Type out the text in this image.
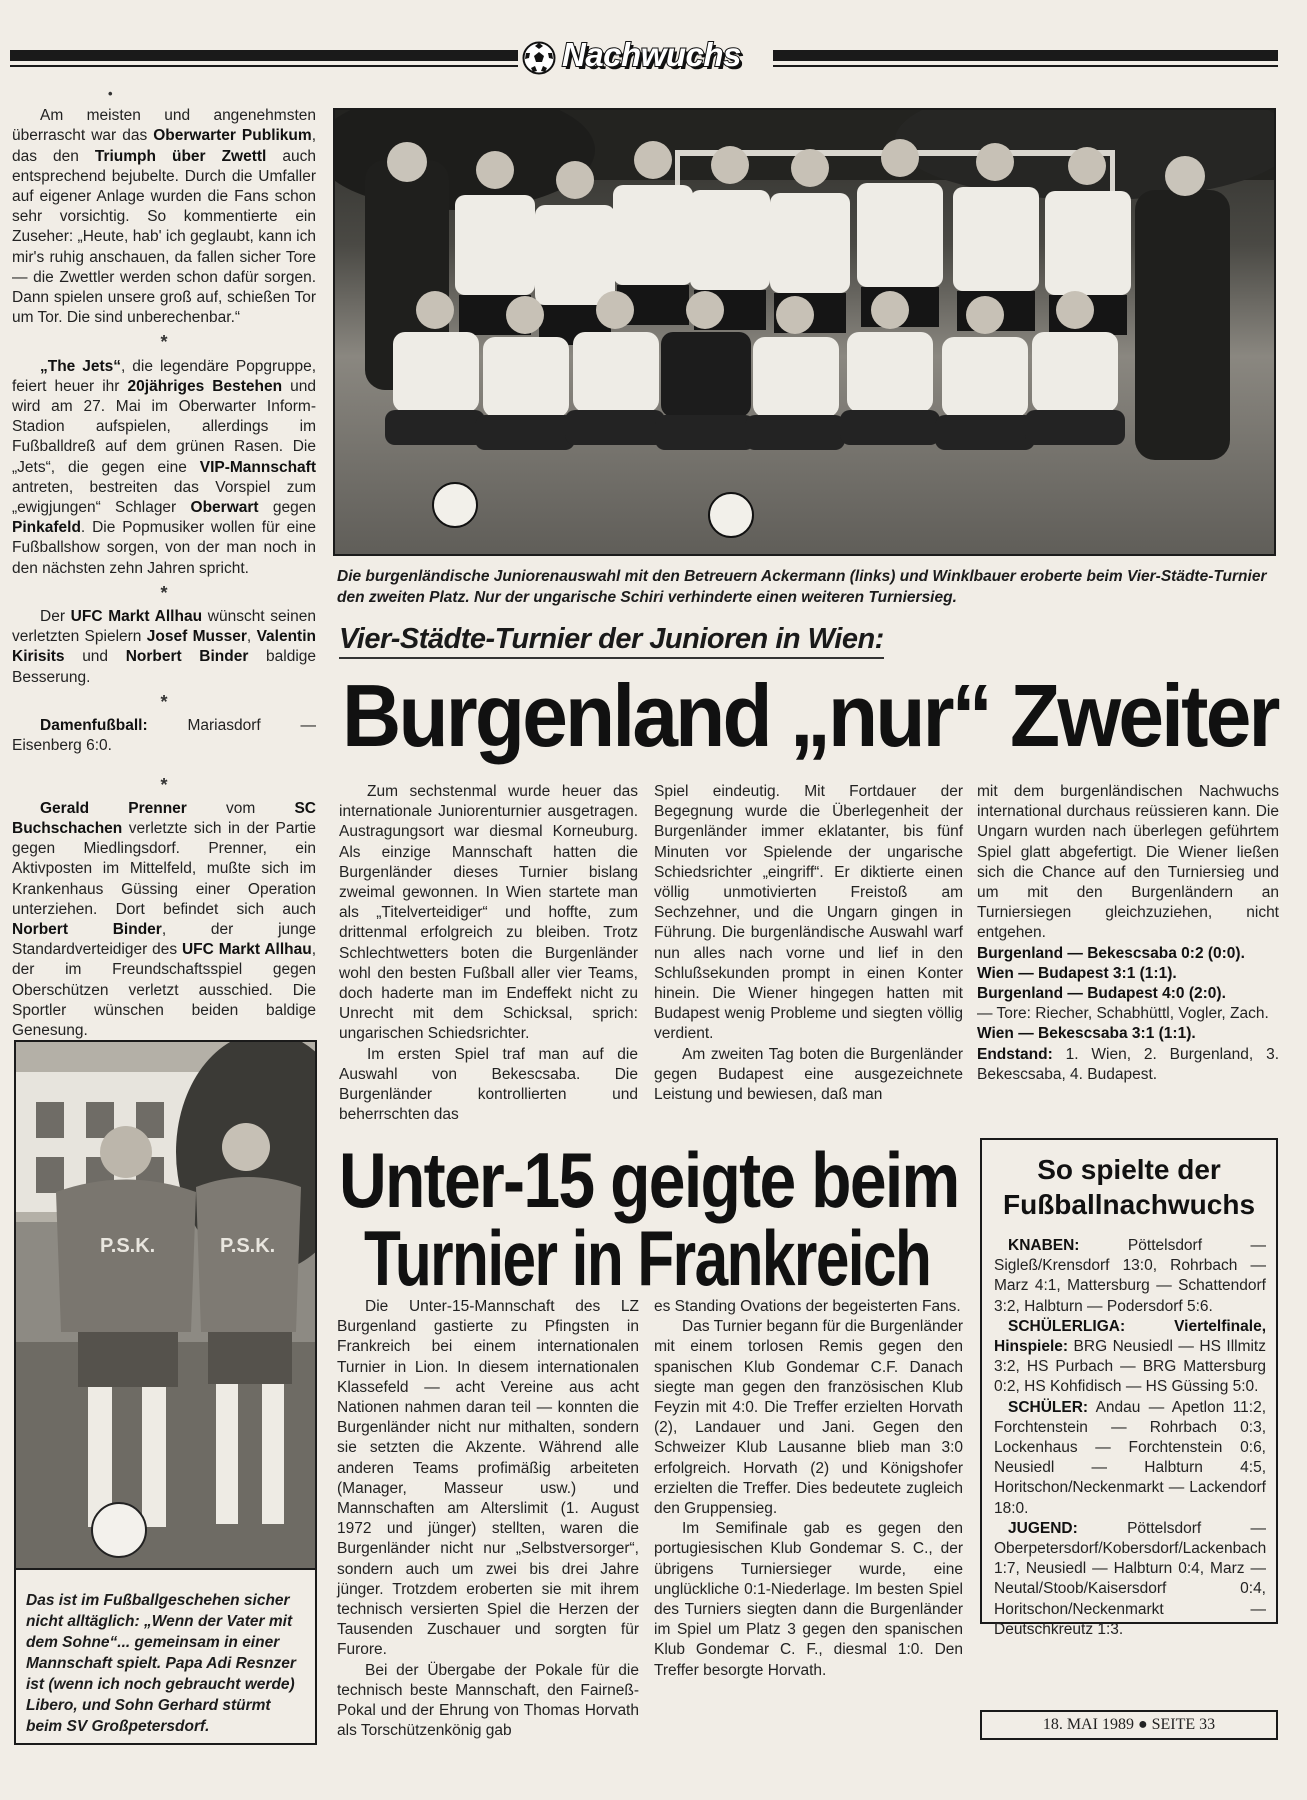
Nachwuchs
•

Am meisten und angenehmsten überrascht war das Oberwarter Publikum, das den Triumph über Zwettl auch entsprechend bejubelte. Durch die Umfaller auf eigener Anlage wurden die Fans schon sehr vorsichtig. So kommentierte ein Zuseher: „Heute, hab' ich geglaubt, kann ich mir's ruhig anschauen, da fallen sicher Tore — die Zwettler werden schon dafür sorgen. Dann spielen unsere groß auf, schießen Tor um Tor. Die sind unberechenbar.“

*

„The Jets“, die legendäre Popgruppe, feiert heuer ihr 20jähriges Bestehen und wird am 27. Mai im Oberwarter Inform-Stadion aufspielen, allerdings im Fußballdreß auf dem grünen Rasen. Die „Jets“, die gegen eine VIP-Mannschaft antreten, bestreiten das Vorspiel zum „ewigjungen“ Schlager Oberwart gegen Pinkafeld. Die Popmusiker wollen für eine Fußballshow sorgen, von der man noch in den nächsten zehn Jahren spricht.

*

Der UFC Markt Allhau wünscht seinen verletzten Spielern Josef Musser, Valentin Kirisits und Norbert Binder baldige Besserung.

*

Damenfußball: Mariasdorf — Eisenberg 6:0.

*

Gerald Prenner vom SC Buchschachen verletzte sich in der Partie gegen Miedlingsdorf. Prenner, ein Aktivposten im Mittelfeld, mußte sich im Krankenhaus Güssing einer Operation unterziehen. Dort befindet sich auch Norbert Binder, der junge Standardverteidiger des UFC Markt Allhau, der im Freundschaftsspiel gegen Oberschützen verletzt ausschied. Die Sportler wünschen beiden baldige Genesung.

Die burgenländische Juniorenauswahl mit den Betreuern Ackermann (links) und Winklbauer eroberte beim Vier-Städte-Turnier den zweiten Platz. Nur der ungarische Schiri verhinderte einen weiteren Turniersieg.
Vier-Städte-Turnier der Junioren in Wien:
Burgenland „nur“ Zweiter

Zum sechstenmal wurde heuer das internationale Juniorenturnier ausgetragen. Austragungsort war diesmal Korneuburg. Als einzige Mannschaft hatten die Burgenländer dieses Turnier bislang zweimal gewonnen. In Wien startete man als „Titelverteidiger“ und hoffte, zum drittenmal erfolgreich zu bleiben. Trotz Schlechtwetters boten die Burgenländer wohl den besten Fußball aller vier Teams, doch haderte man im Endeffekt nicht zu Unrecht mit dem Schicksal, sprich: ungarischen Schiedsrichter.

Im ersten Spiel traf man auf die Auswahl von Bekescsaba. Die Burgenländer kontrollierten und beherrschten das

Spiel eindeutig. Mit Fortdauer der Begegnung wurde die Überlegenheit der Burgenländer immer eklatanter, bis fünf Minuten vor Spielende der ungarische Schiedsrichter „eingriff“. Er diktierte einen völlig unmotivierten Freistoß am Sechzehner, und die Ungarn gingen in Führung. Die burgenländische Auswahl warf nun alles nach vorne und lief in den Schlußsekunden prompt in einen Konter hinein. Die Wiener hingegen hatten mit Budapest wenig Probleme und siegten völlig verdient.

Am zweiten Tag boten die Burgenländer gegen Budapest eine ausgezeichnete Leistung und bewiesen, daß man

mit dem burgenländischen Nachwuchs international durchaus reüssieren kann. Die Ungarn wurden nach überlegen geführtem Spiel glatt abgefertigt. Die Wiener ließen sich die Chance auf den Turniersieg und um mit den Burgenländern an Turniersiegen gleichzuziehen, nicht entgehen.

Burgenland — Bekescsaba 0:2 (0:0).

Wien — Budapest 3:1 (1:1).

Burgenland — Budapest 4:0 (2:0).

— Tore: Riecher, Schabhüttl, Vogler, Zach.

Wien — Bekescsaba 3:1 (1:1).

Endstand: 1. Wien, 2. Burgenland, 3. Bekescsaba, 4. Budapest.

P.S.K.	P.S.K.
Das ist im Fußballgeschehen sicher nicht alltäglich: „Wenn der Vater mit dem Sohne“... gemeinsam in einer Mannschaft spielt. Papa Adi Resnzer ist (wenn ich noch gebraucht werde) Libero, und Sohn Gerhard stürmt beim SV Großpetersdorf.
Unter-15 geigte beim
Turnier in Frankreich

Die Unter-15-Mannschaft des LZ Burgenland gastierte zu Pfingsten in Frankreich bei einem internationalen Turnier in Lion. In diesem internationalen Klassefeld — acht Vereine aus acht Nationen nahmen daran teil — konnten die Burgenländer nicht nur mithalten, sondern sie setzten die Akzente. Während alle anderen Teams profimäßig arbeiteten (Manager, Masseur usw.) und Mannschaften am Alterslimit (1. August 1972 und jünger) stellten, waren die Burgenländer nicht nur „Selbstversorger“, sondern auch um zwei bis drei Jahre jünger. Trotzdem eroberten sie mit ihrem technisch versierten Spiel die Herzen der Tausenden Zuschauer und sorgten für Furore.

Bei der Übergabe der Pokale für die technisch beste Mannschaft, den Fairneß-Pokal und der Ehrung von Thomas Horvath als Torschützenkönig gab

es Standing Ovations der begeisterten Fans.

Das Turnier begann für die Burgenländer mit einem torlosen Remis gegen den spanischen Klub Gondemar C.F. Danach siegte man gegen den französischen Klub Feyzin mit 4:0. Die Treffer erzielten Horvath (2), Landauer und Jani. Gegen den Schweizer Klub Lausanne blieb man 3:0 erfolgreich. Horvath (2) und Königshofer erzielten die Treffer. Dies bedeutete zugleich den Gruppensieg.

Im Semifinale gab es gegen den portugiesischen Klub Gondemar S. C., der übrigens Turniersieger wurde, eine unglückliche 0:1-Niederlage. Im besten Spiel des Turniers siegten dann die Burgenländer im Spiel um Platz 3 gegen den spanischen Klub Gondemar C. F., diesmal 1:0. Den Treffer besorgte Horvath.

So spielte der
Fußballnachwuchs

KNABEN: Pöttelsdorf — Sigleß/Krensdorf 13:0, Rohrbach — Marz 4:1, Mattersburg — Schattendorf 3:2, Halbturn — Podersdorf 5:6.

SCHÜLERLIGA: Viertelfinale, Hinspiele: BRG Neusiedl — HS Illmitz 3:2, HS Purbach — BRG Mattersburg 0:2, HS Kohfidisch — HS Güssing 5:0.

SCHÜLER: Andau — Apetlon 11:2, Forchtenstein — Rohrbach 0:3, Lockenhaus — Forchtenstein 0:6, Neusiedl — Halbturn 4:5, Horitschon/Neckenmarkt — Lackendorf 18:0.

JUGEND: Pöttelsdorf — Oberpetersdorf/Kobersdorf/Lackenbach 1:7, Neusiedl — Halbturn 0:4, Marz — Neutal/Stoob/Kaisersdorf 0:4, Horitschon/Neckenmarkt — Deutschkreutz 1:3.

18. MAI 1989 ● SEITE 33
